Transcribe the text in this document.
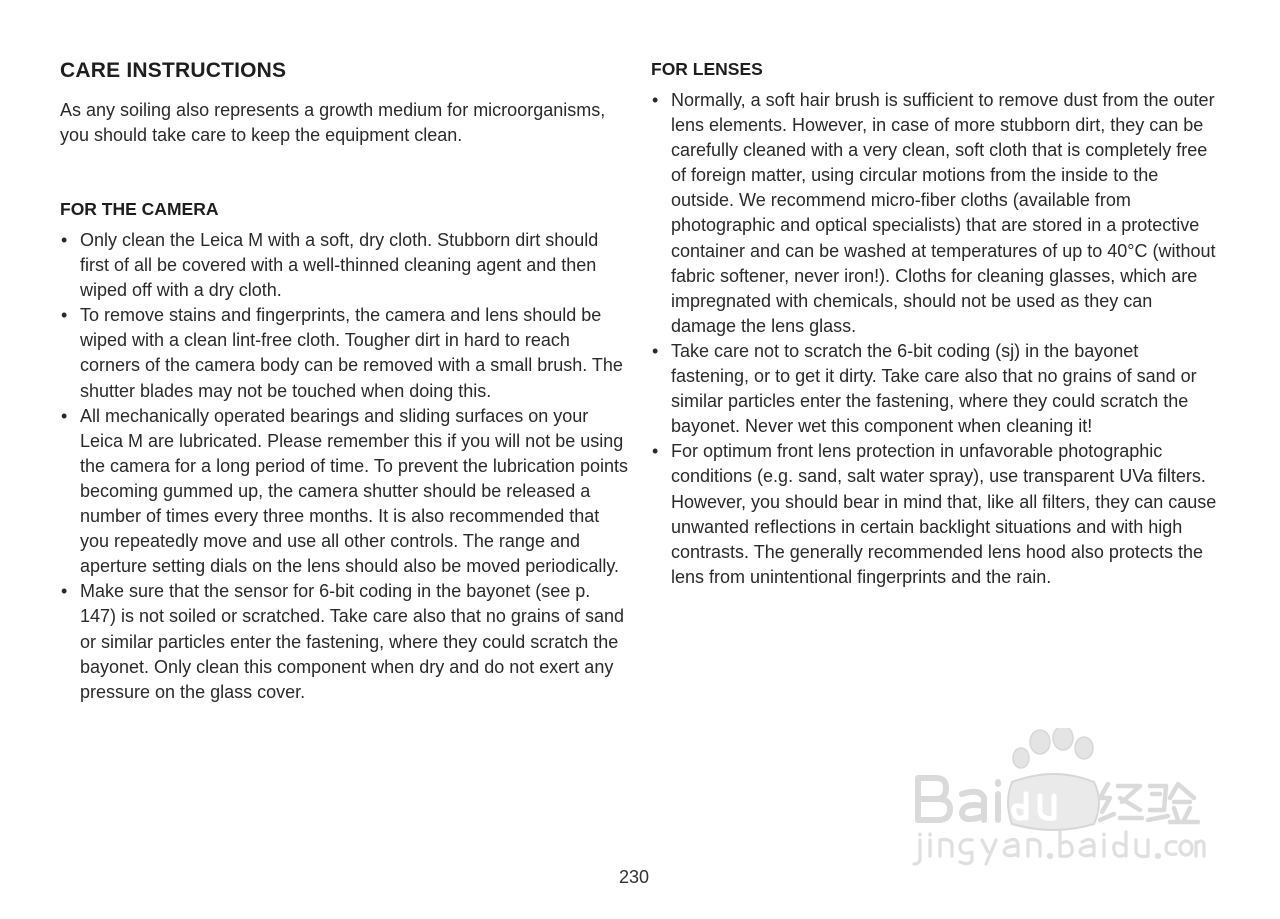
CARE INSTRUCTIONS

As any soiling also represents a growth medium for microorganisms, you should take care to keep the equipment clean.

FOR THE CAMERA
• Only clean the Leica M with a soft, dry cloth. Stubborn dirt should first of all be covered with a well-thinned cleaning agent and then wiped off with a dry cloth.
• To remove stains and fingerprints, the camera and lens should be wiped with a clean lint-free cloth. Tougher dirt in hard to reach corners of the camera body can be removed with a small brush. The shutter blades may not be touched when doing this.
• All mechanically operated bearings and sliding surfaces on your Leica M are lubricated. Please remember this if you will not be using the camera for a long period of time. To prevent the lubrication points becoming gummed up, the camera shutter should be released a number of times every three months. It is also recommended that you repeatedly move and use all other controls. The range and aperture setting dials on the lens should also be moved periodically.
• Make sure that the sensor for 6-bit coding in the bayonet (see p. 147) is not soiled or scratched. Take care also that no grains of sand or similar particles enter the fastening, where they could scratch the bayonet. Only clean this component when dry and do not exert any pressure on the glass cover.
FOR LENSES
• Normally, a soft hair brush is sufficient to remove dust from the outer lens elements. However, in case of more stubborn dirt, they can be carefully cleaned with a very clean, soft cloth that is completely free of foreign matter, using circular motions from the inside to the outside. We recommend micro-fiber cloths (available from photographic and optical specialists) that are stored in a protective container and can be washed at temperatures of up to 40°C (without fabric softener, never iron!). Cloths for cleaning glasses, which are impregnated with chemicals, should not be used as they can damage the lens glass.
• Take care not to scratch the 6-bit coding (sj) in the bayonet fastening, or to get it dirty. Take care also that no grains of sand or similar particles enter the fastening, where they could scratch the bayonet. Never wet this component when cleaning it!
• For optimum front lens protection in unfavorable photographic conditions (e.g. sand, salt water spray), use transparent UVa filters. However, you should bear in mind that, like all filters, they can cause unwanted reflections in certain backlight situations and with high contrasts. The generally recommended lens hood also protects the lens from unintentional fingerprints and the rain.
230
